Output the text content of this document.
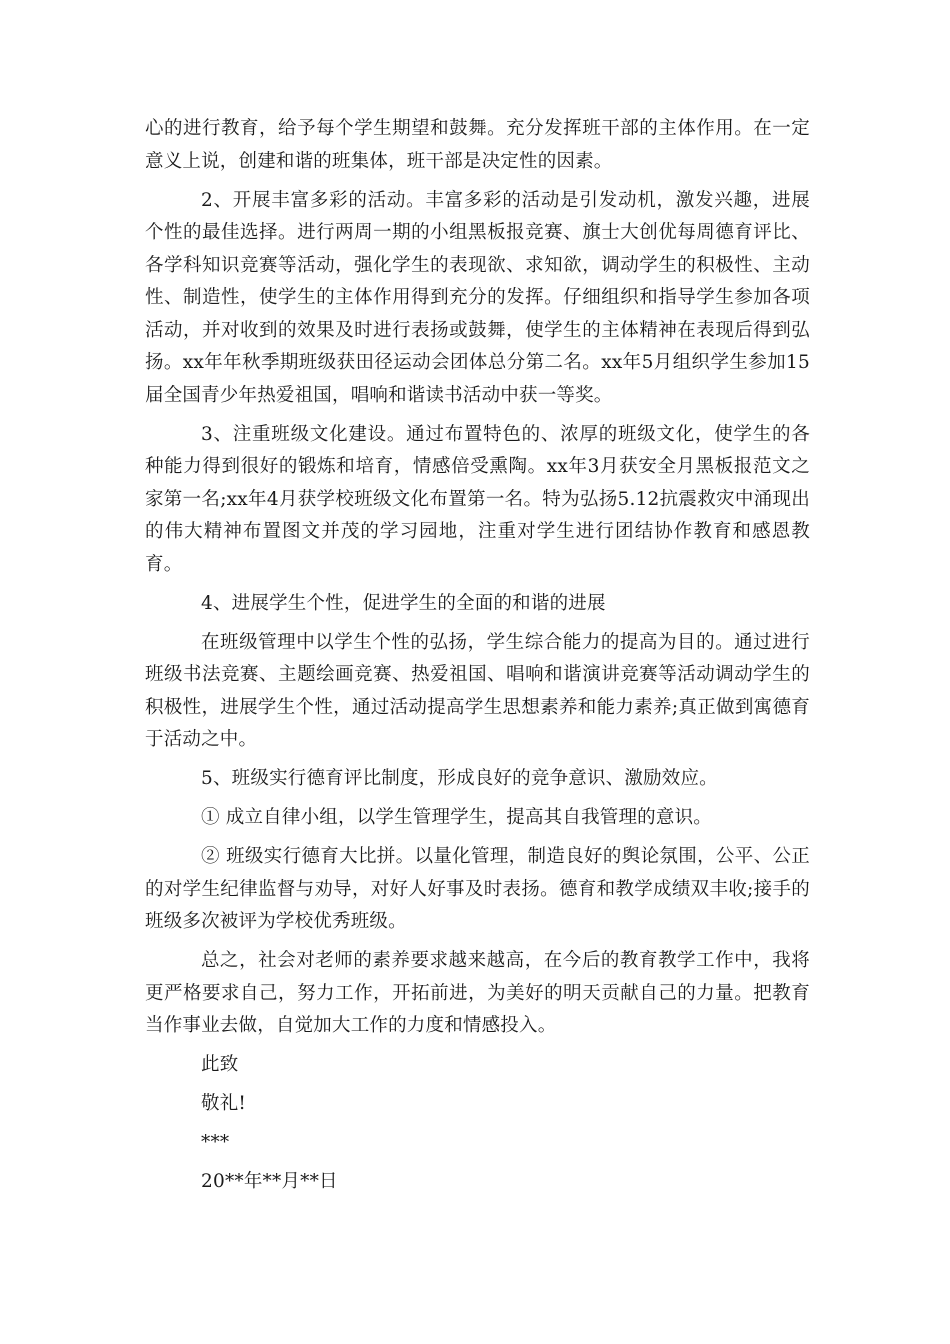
心的进行教育，给予每个学生期望和鼓舞。充分发挥班干部的主体作用。在一定意义上说，创建和谐的班集体，班干部是决定性的因素。

2、开展丰富多彩的活动。丰富多彩的活动是引发动机，激发兴趣，进展个性的最佳选择。进行两周一期的小组黑板报竞赛、旗士大创优每周德育评比、各学科知识竞赛等活动，强化学生的表现欲、求知欲，调动学生的积极性、主动性、制造性，使学生的主体作用得到充分的发挥。仔细组织和指导学生参加各项活动，并对收到的效果及时进行表扬或鼓舞，使学生的主体精神在表现后得到弘扬。xx年年秋季期班级获田径运动会团体总分第二名。xx年5月组织学生参加15届全国青少年热爱祖国，唱响和谐读书活动中获一等奖。

3、注重班级文化建设。通过布置特色的、浓厚的班级文化，使学生的各种能力得到很好的锻炼和培育，情感倍受熏陶。xx年3月获安全月黑板报范文之家第一名;xx年4月获学校班级文化布置第一名。特为弘扬5.12抗震救灾中涌现出的伟大精神布置图文并茂的学习园地，注重对学生进行团结协作教育和感恩教育。

4、进展学生个性，促进学生的全面的和谐的进展

在班级管理中以学生个性的弘扬，学生综合能力的提高为目的。通过进行班级书法竞赛、主题绘画竞赛、热爱祖国、唱响和谐演讲竞赛等活动调动学生的积极性，进展学生个性，通过活动提高学生思想素养和能力素养;真正做到寓德育于活动之中。

5、班级实行德育评比制度，形成良好的竞争意识、激励效应。

① 成立自律小组，以学生管理学生，提高其自我管理的意识。

② 班级实行德育大比拼。以量化管理，制造良好的舆论氛围，公平、公正的对学生纪律监督与劝导，对好人好事及时表扬。德育和教学成绩双丰收;接手的班级多次被评为学校优秀班级。

总之，社会对老师的素养要求越来越高，在今后的教育教学工作中，我将更严格要求自己，努力工作，开拓前进，为美好的明天贡献自己的力量。把教育当作事业去做，自觉加大工作的力度和情感投入。

此致

敬礼!

***

20**年**月**日
